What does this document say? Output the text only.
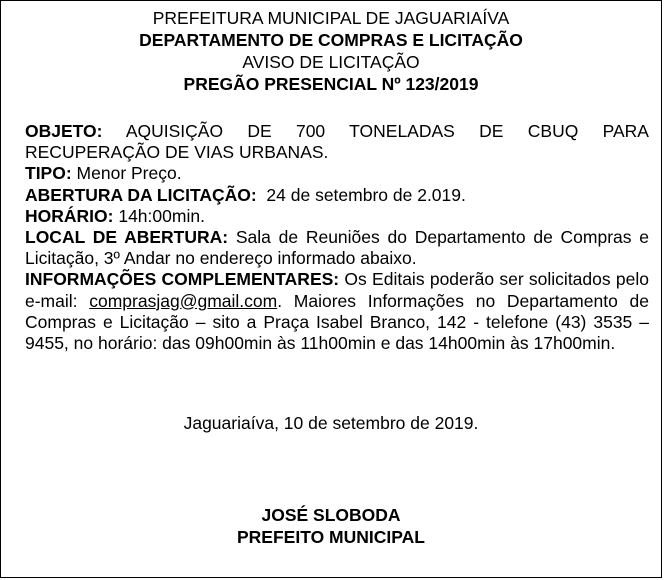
PREFEITURA MUNICIPAL DE JAGUARIAÍVA
DEPARTAMENTO DE COMPRAS E LICITAÇÃO
AVISO DE LICITAÇÃO
PREGÃO PRESENCIAL Nº 123/2019

OBJETO: AQUISIÇÃO DE 700 TONELADAS DE CBUQ PARA RECUPERAÇÃO DE VIAS URBANAS.

TIPO: Menor Preço.

ABERTURA DA LICITAÇÃO: 24 de setembro de 2.019.

HORÁRIO: 14h:00min.

LOCAL DE ABERTURA: Sala de Reuniões do Departamento de Compras e Licitação, 3º Andar no endereço informado abaixo.

INFORMAÇÕES COMPLEMENTARES: Os Editais poderão ser solicitados pelo e-mail: comprasjag@gmail.com. Maiores Informações no Departamento de Compras e Licitação – sito a Praça Isabel Branco, 142 - telefone (43) 3535 – 9455, no horário: das 09h00min às 11h00min e das 14h00min às 17h00min.

Jaguariaíva, 10 de setembro de 2019.
JOSÉ SLOBODA
PREFEITO MUNICIPAL
